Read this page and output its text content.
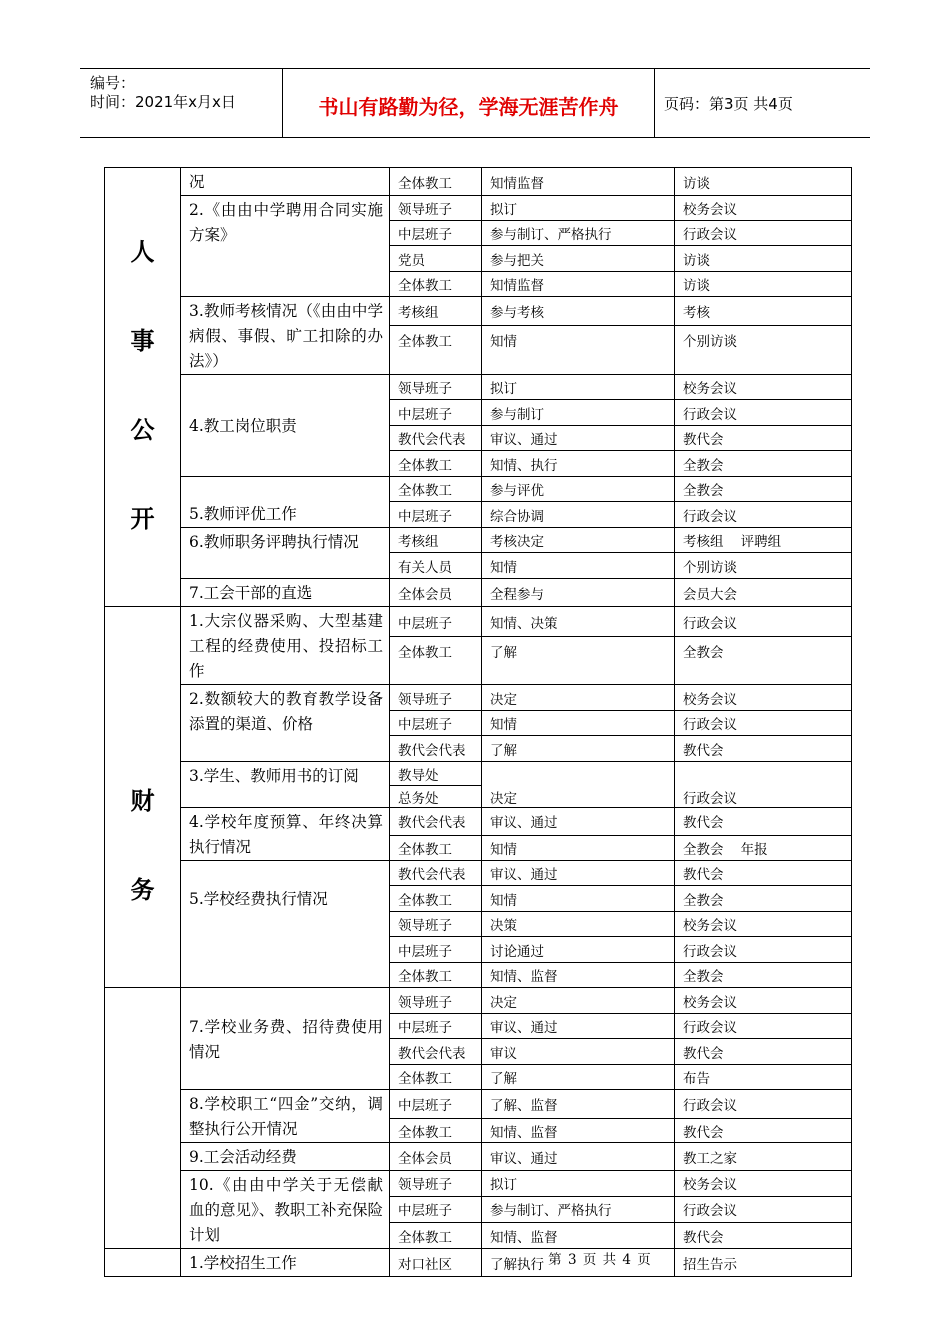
编号：
时间：2021年x月x日	书山有路勤为径，学海无涯苦作舟	页码：第3页 共4页
人
事
公
开	况	全体教工	知情监督	访谈
	2.《由由中学聘用合同实施方案》	领导班子	拟订	校务会议
		中层班子	参与制订、严格执行	行政会议
		党员	参与把关	访谈
		全体教工	知情监督	访谈
	3.教师考核情况（《由由中学病假、事假、旷工扣除的办法》）	考核组	参与考核	考核
		全体教工	知情	个别访谈
	4.教工岗位职责	领导班子	拟订	校务会议
		中层班子	参与制订	行政会议
		教代会代表	审议、通过	教代会
		全体教工	知情、执行	全教会
	5.教师评优工作	全体教工	参与评优	全教会
		中层班子	综合协调	行政会议
	6.教师职务评聘执行情况	考核组	考核决定	考核组    评聘组
		有关人员	知情	个别访谈
	7.工会干部的直选	全体会员	全程参与	会员大会

财
务	1.大宗仪器采购、大型基建工程的经费使用、投招标工作	中层班子	知情、决策	行政会议
		全体教工	了解	全教会
	2.数额较大的教育教学设备添置的渠道、价格	领导班子	决定	校务会议
		中层班子	知情	行政会议
		教代会代表	了解	教代会
	3.学生、教师用书的订阅	教导处	决定	行政会议
		总务处		
	4.学校年度预算、年终决算执行情况	教代会代表	审议、通过	教代会
		全体教工	知情	全教会    年报
	5.学校经费执行情况	教代会代表	审议、通过	教代会
		全体教工	知情	全教会
		领导班子	决策	校务会议
		中层班子	讨论通过	行政会议
		全体教工	知情、监督	全教会
	7.学校业务费、招待费使用情况	领导班子	决定	校务会议
		中层班子	审议、通过	行政会议
		教代会代表	审议	教代会
		全体教工	了解	布告
	8.学校职工“四金”交纳，调整执行公开情况	中层班子	了解、监督	行政会议
		全体教工	知情、监督	教代会
	9.工会活动经费	全体会员	审议、通过	教工之家
	10.《由由中学关于无偿献血的意见》、教职工补充保险计划	领导班子	拟订	校务会议
		中层班子	参与制订、严格执行	行政会议
		全体教工	知情、监督	教代会
	1.学校招生工作	对口社区	了解执行	招生告示
第 3 页 共 4 页
